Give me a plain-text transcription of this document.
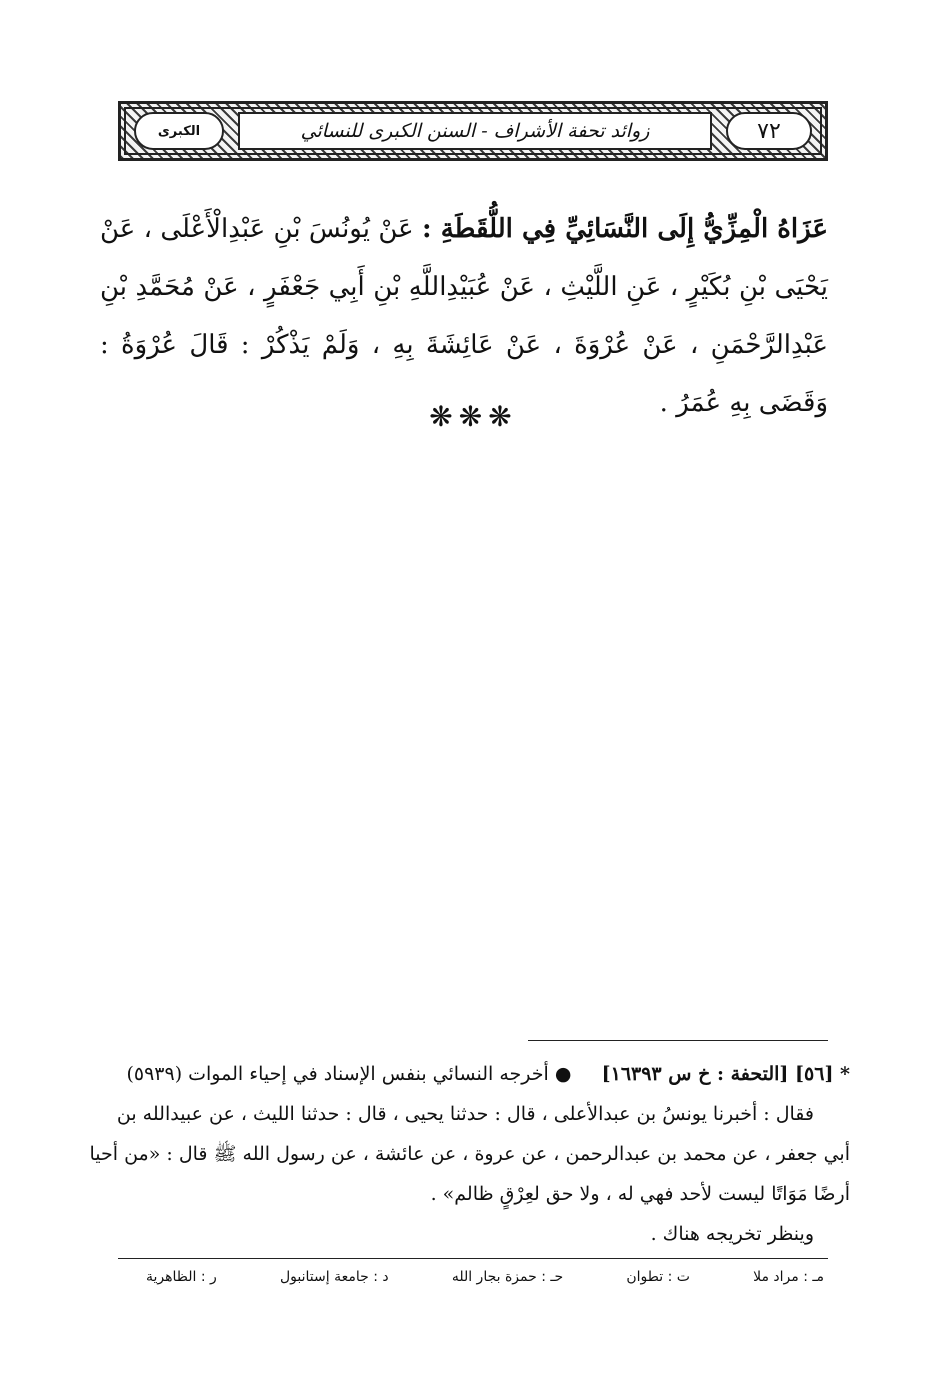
الكبرى	زوائد تحفة الأشراف
-
السنن الكبرى للنسائي	٧٢
عَزَاهُ الْمِزِّيُّ إِلَى النَّسَائِيِّ فِي اللُّقَطَةِ : عَنْ يُونُسَ بْنِ عَبْدِالْأَعْلَى ، عَنْ يَحْيَى بْنِ بُكَيْرٍ ، عَنِ اللَّيْثِ ، عَنْ عُبَيْدِاللَّهِ بْنِ أَبِي جَعْفَرٍ ، عَنْ مُحَمَّدِ بْنِ عَبْدِالرَّحْمَنِ ، عَنْ عُرْوَةَ ، عَنْ عَائِشَةَ بِهِ ، وَلَمْ يَذْكُرْ : قَالَ عُرْوَةُ : وَقَضَى بِهِ عُمَرُ .
❋❋❋
* [٥٦] [التحفة : خ س ١٦٣٩٣]     ● أخرجه النسائي بنفس الإسناد في إحياء الموات (٥٩٣٩)
فقال : أخبرنا يونسُ بن عبدالأعلى ، قال : حدثنا يحيى ، قال : حدثنا الليث ، عن عبيدالله بن
أبي جعفر ، عن محمد بن عبدالرحمن ، عن عروة ، عن عائشة ، عن رسول الله ﷺ قال : «من أحيا
أرضًا مَوَاتًا ليست لأحد فهي له ، ولا حق لعِرْقٍ ظالم» .
وينظر تخريجه هناك .
مـ : مراد ملا
ت : تطوان
حـ : حمزة بجار الله
د : جامعة إستانبول
ر : الظاهرية
